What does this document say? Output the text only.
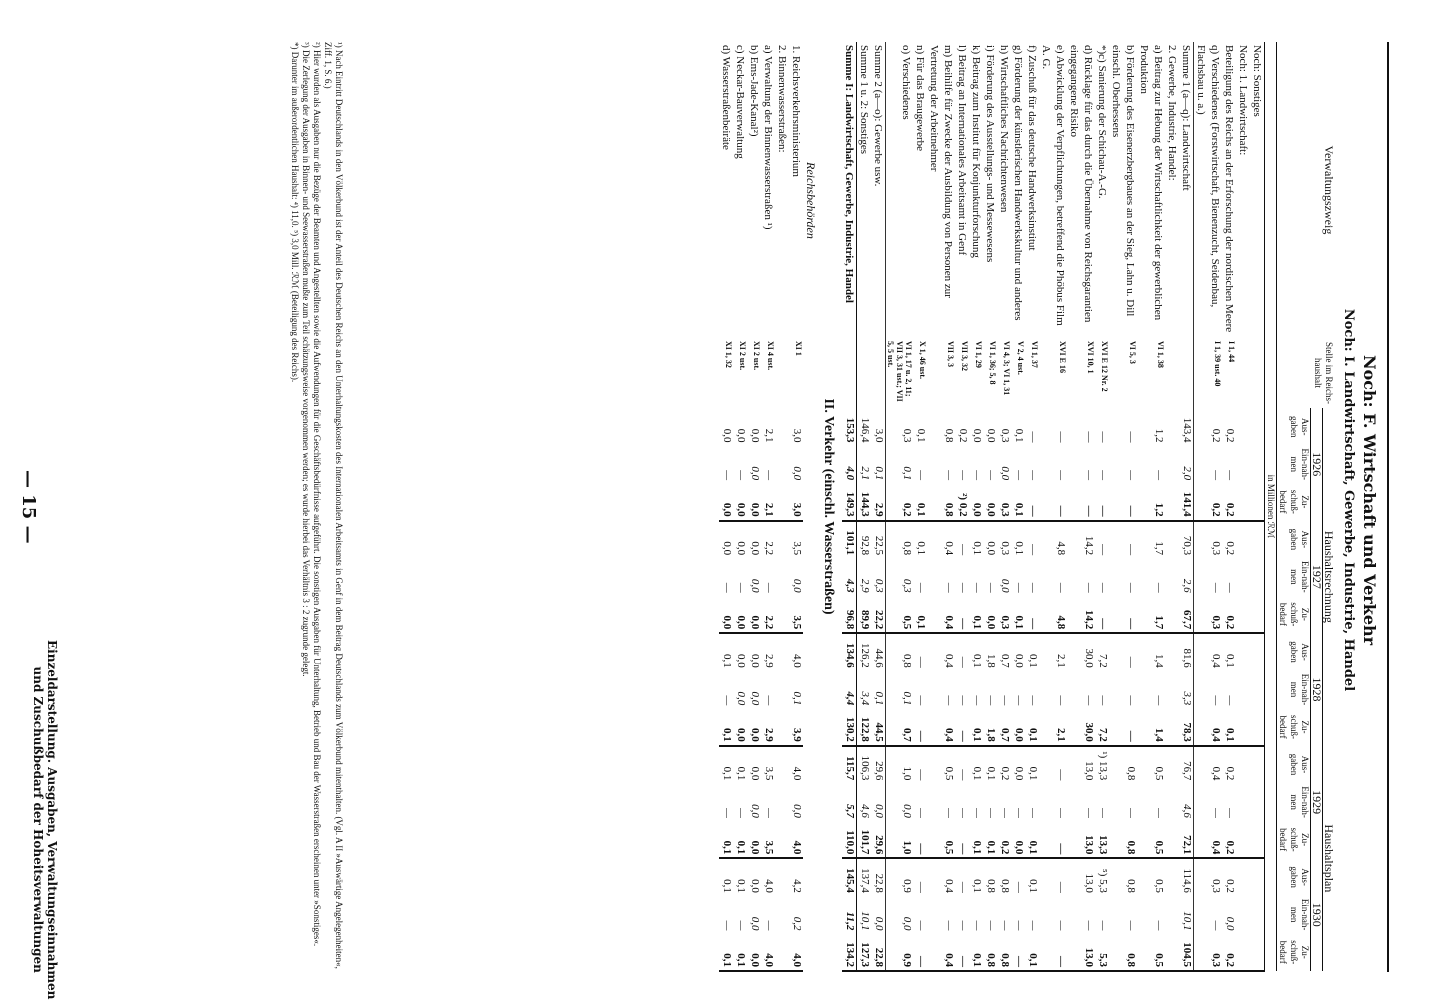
— 15 —
Einzeldarstellung. Ausgaben, Verwaltungseinnahmen
und Zuschußbedarf der Hoheitsverwaltungen
Noch: F. Wirtschaft und Verkehr
Noch: I. Landwirtschaft, Gewerbe, Industrie, Handel
Verwaltungszweig	Stelle im Reichs-haushalt	Haushaltsrechnung									Haushaltsplan					
		1926			1927			1928			1929			1930		
		Aus-gaben	Ein-nah-men	Zu-schuß-bedarf	Aus-gaben	Ein-nah-men	Zu-schuß-bedarf	Aus-gaben	Ein-nah-men	Zu-schuß-bedarf	Aus-gaben	Ein-nah-men	Zu-schuß-bedarf	Aus-gaben	Ein-nah-men	Zu-schuß-bedarf
in Millionen ℛℳ																
Noch: Sonstiges																
Noch: 1. Landwirtschaft:																
Beteiligung des Reichs an der Erforschung der nordischen Meere	I 1, 44	0,2	—	0,2	0,2	—	0,2	0,1	—	0,1	0,2	—	0,2	0,2	0,0	0,2
q) Verschiedenes (Forstwirtschaft, Bienenzucht, Seidenbau, Flachsbau u. a.)	I 1, 39 ust. 40	0,2	—	0,2	0,3	—	0,3	0,4	—	0,4	0,4	—	0,4	0,3	—	0,3
Summe 1 (a—q): Landwirtschaft		143,4	2,0	141,4	70,3	2,6	67,7	81,6	3,3	78,3	76,7	4,6	72,1	114,6	10,1	104,5
2. Gewerbe, Industrie, Handel:																
a) Beitrag zur Hebung der Wirtschaftlichkeit der gewerblichen Produktion	VI 1, 38	1,2	—	1,2	1,7	—	1,7	1,4	—	1,4	0,5	—	0,5	0,5	—	0,5
b) Förderung des Eisenerzbergbaues an der Sieg, Lahn u. Dill einschl. Oberhessens	VI 5, 3	—	—	—	—	—	—	—	—	—	0,8	—	0,8	0,8	—	0,8
*)c) Sanierung der Schichau-A.-G.	XVI E 12 Nr. 2	—	—	—	—	—	—	7,2	—	7,2	¹) 13,3	—	13,3	⁵) 5,3	—	5,3
d) Rücklage für das durch die Übernahme von Reichsgarantien eingegangene Risiko	XVI 10, 1	—	—	—	14,2	—	14,2	30,0	—	30,0	13,0	—	13,0	13,0	—	13,0
e) Abwicklung der Verpflichtungen, betreffend die Phöbus Film A. G.	XVI E 16	—	—	—	4,8	—	4,8	2,1	—	2,1	—	—	—	—	—	—
f) Zuschuß für das deutsche Handwerksinstitut	VI 1, 37	—	—	—	—	—	—	0,1	—	0,1	0,1	—	0,1	0,1	—	0,1
g) Förderung der künstlerischen Handwerkskultur und anderes	V 2, 4 ust.	0,1	—	0,1	0,1	—	0,1	0,0	—	0,0	0,0	—	0,0	—	—	—
h) Wirtschaftliches Nachrichtenwesen	VI 4, 3; VI 1, 31	0,3	0,0	0,3	0,3	0,0	0,3	0,7	—	0,7	0,2	—	0,2	0,8	—	0,8
i) Förderung des Ausstellungs- und Messewesens	VI 1, 36; 5, 8	0,0	—	0,0	0,0	—	0,0	1,8	—	1,8	0,1	—	0,1	0,8	—	0,8
k) Beitrag zum Institut für Konjunkturforschung	VI 1, 29	0,0	—	0,0	0,1	—	0,1	0,1	—	0,1	0,1	—	0,1	0,1	—	0,1
l) Beitrag an Internationales Arbeitsamt in Genf	VII 3, 32	0,2	—	²) 0,2	—	—	—	—	—	—	—	—	—	—	—	—
m) Beihilfe für Zwecke der Ausbildung von Personen zur Vertretung der Arbeitnehmer	VII 3, 3	0,8	—	0,8	0,4	—	0,4	0,4	—	0,4	0,5	—	0,5	0,4	—	0,4
n) Für das Braugewerbe	X 1, 46 ust.	0,1	—	0,1	0,1	—	0,1	—	—	—	—	—	—	—	—	—
o) Verschiedenes	VI 1, 17 u. 2, 11; VII 3, 31 ust.; VII 5, 5 ust.	0,3	0,1	0,2	0,8	0,3	0,5	0,8	0,1	0,7	1,0	0,0	1,0	0,9	0,0	0,9
Summe 2 (a—o): Gewerbe usw.		3,0	0,1	2,9	22,5	0,3	22,2	44,6	0,1	44,5	29,6	0,0	29,6	22,8	0,0	22,8
Summe 1 u. 2: Sonstiges		146,4	2,1	144,3	92,8	2,9	89,9	126,2	3,4	122,8	106,3	4,6	101,7	137,4	10,1	127,3
Summe I: Landwirtschaft, Gewerbe, Industrie, Handel		153,3	4,0	149,3	101,1	4,3	96,8	134,6	4,4	130,2	115,7	5,7	110,0	145,4	11,2	134,2
II. Verkehr (einschl. Wasserstraßen)																
Reichsbehörden																
1. Reichsverkehrsministerium	XI 1	3,0	0,0	3,0	3,5	0,0	3,5	4,0	0,1	3,9	4,0	0,0	4,0	4,2	0,2	4,0
2. Binnenwasserstraßen:																
a) Verwaltung der Binnenwasserstraßen ¹)	XI 4 ust.	2,1	—	2,1	2,2	—	2,2	2,9	—	2,9	3,5	—	3,5	4,0	—	4,0
b) Ems-Jade-Kanal²)	XI 2 ust.	0,0	0,0	0,0	0,0	0,0	0,0	0,0	0,0	0,0	0,0	0,0	0,0	0,0	0,0	0,0
c) Neckar-Bauverwaltung	XI 2 ust.	0,0	—	0,0	0,0	—	0,0	0,0	0,0	0,0	0,1	—	0,1	0,1	—	0,1
d) Wasserstraßenbeiräte	XI 1, 32	0,0	—	0,0	0,0	—	0,0	0,1	—	0,1	0,1	—	0,1	0,1	—	0,1
¹) Nach Eintritt Deutschlands in den Völkerbund ist der Anteil des Deutschen Reichs an den Unterhaltungskosten des Internationalen Arbeitsamts in Genf in dem Beitrag Deutschlands zum Völkerbund mitenthalten. (Vgl. A II »Auswärtige Angelegenheiten«, Ziff. 1, S. 6.)
²) Hier wurden als Ausgaben nur die Bezüge der Beamten und Angestellten sowie die Aufwendungen für die Geschäftsbedürfnisse aufgeführt. Die sonstigen Ausgaben für Unterhaltung, Betrieb und Bau der Wasserstraßen erscheinen unter »Sonstiges«.
³) Die Zerlegung der Ausgaben in Binnen- und Seewasserstraßen mußte zum Teil schätzungsweise vorgenommen werden; es wurde hierbei das Verhältnis 3 : 2 zugrunde gelegt.
*) Darunter im außerordentlichen Haushalt: ⁴) 11,0. ⁵) 3,0 Mill. ℛℳ (Beteiligung des Reichs).
